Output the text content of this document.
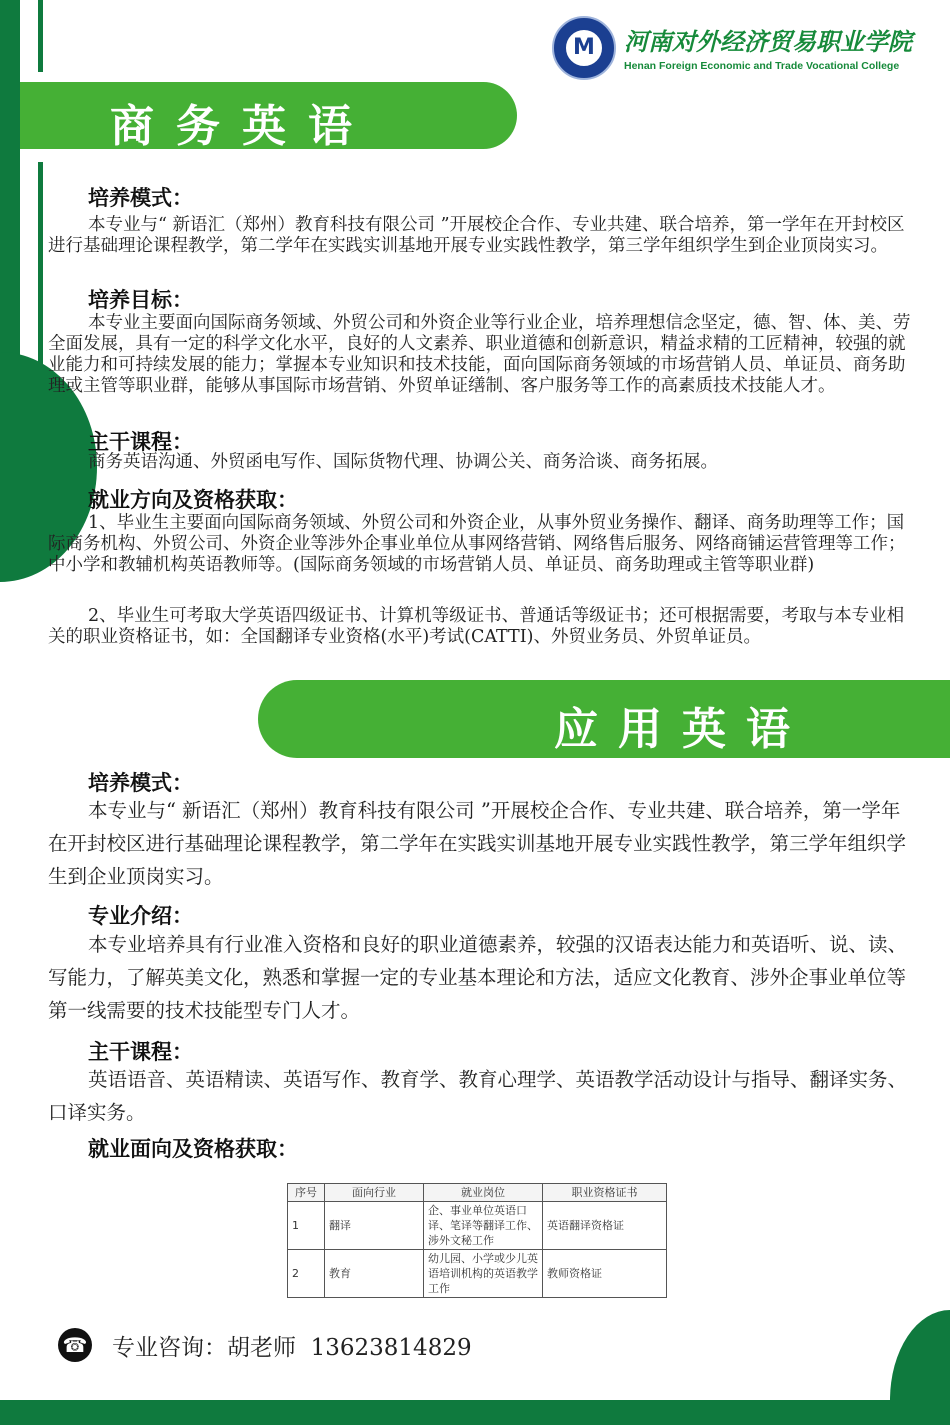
M 河南对外经济贸易职业学院
Henan Foreign Economic and Trade Vocational College
商务英语
培养模式：
本专业与“ 新语汇（郑州）教育科技有限公司 ”开展校企合作、专业共建、联合培养，第一学年在开封校区进行基础理论课程教学，第二学年在实践实训基地开展专业实践性教学，第三学年组织学生到企业顶岗实习。
培养目标：
本专业主要面向国际商务领域、外贸公司和外资企业等行业企业，培养理想信念坚定，德、智、体、美、劳全面发展，具有一定的科学文化水平，良好的人文素养、职业道德和创新意识，精益求精的工匠精神，较强的就业能力和可持续发展的能力；掌握本专业知识和技术技能，面向国际商务领域的市场营销人员、单证员、商务助理或主管等职业群，能够从事国际市场营销、外贸单证缮制、客户服务等工作的高素质技术技能人才。
主干课程：
商务英语沟通、外贸函电写作、国际货物代理、协调公关、商务洽谈、商务拓展。
就业方向及资格获取：
1、毕业生主要面向国际商务领域、外贸公司和外资企业，从事外贸业务操作、翻译、商务助理等工作；国际商务机构、外贸公司、外资企业等涉外企事业单位从事网络营销、网络售后服务、网络商铺运营管理等工作；中小学和教辅机构英语教师等。(国际商务领域的市场营销人员、单证员、商务助理或主管等职业群)
2、毕业生可考取大学英语四级证书、计算机等级证书、普通话等级证书；还可根据需要，考取与本专业相关的职业资格证书，如：全国翻译专业资格(水平)考试(CATTI)、外贸业务员、外贸单证员。
应用英语
培养模式：
本专业与“ 新语汇（郑州）教育科技有限公司 ”开展校企合作、专业共建、联合培养，第一学年在开封校区进行基础理论课程教学，第二学年在实践实训基地开展专业实践性教学，第三学年组织学生到企业顶岗实习。
专业介绍：
本专业培养具有行业准入资格和良好的职业道德素养，较强的汉语表达能力和英语听、说、读、写能力，了解英美文化，熟悉和掌握一定的专业基本理论和方法，适应文化教育、涉外企事业单位等第一线需要的技术技能型专门人才。
主干课程：
英语语音、英语精读、英语写作、教育学、教育心理学、英语教学活动设计与指导、翻译实务、口译实务。
就业面向及资格获取：
序号	面向行业	就业岗位	职业资格证书
1	翻译	企、事业单位英语口译、笔译等翻译工作、涉外文秘工作	英语翻译资格证
2	教育	幼儿园、小学或少儿英语培训机构的英语教学工作	教师资格证
☎ 专业咨询：胡老师  13623814829
